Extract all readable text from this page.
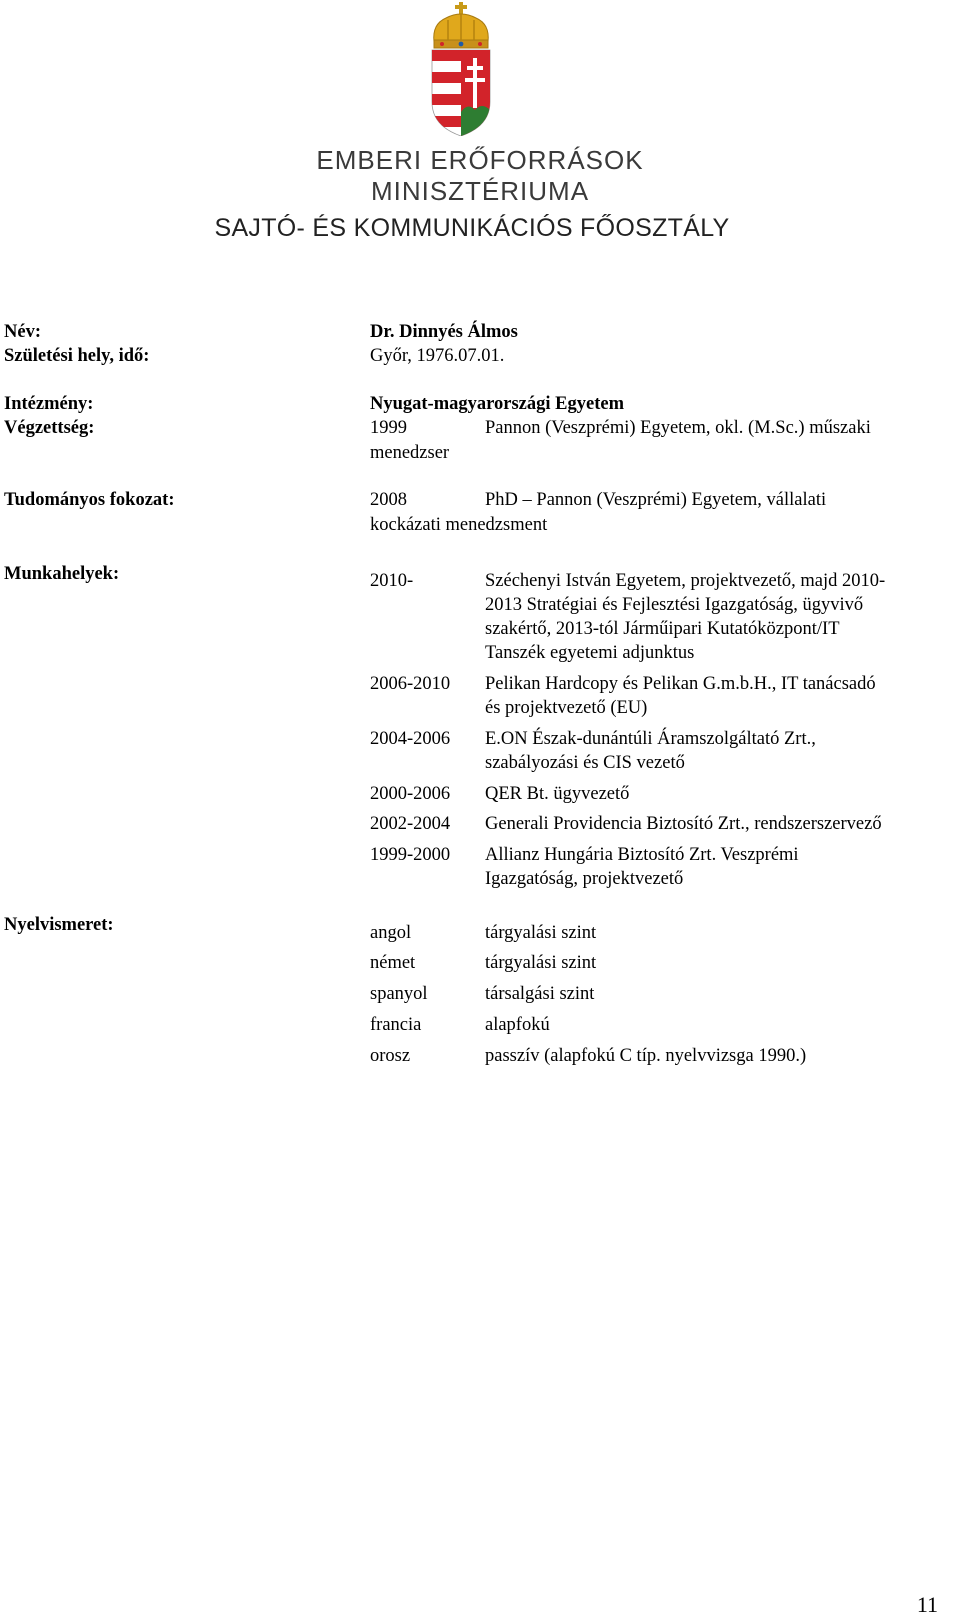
EMBERI ERŐFORRÁSOK
MINISZTÉRIUMA
SAJTÓ- ÉS KOMMUNIKÁCIÓS FŐOSZTÁLY
Név:	Dr. Dinnyés Álmos
Születési hely, idő:	Győr, 1976.07.01.
Intézmény:	Nyugat-magyarországi Egyetem
Végzettség:	1999	Pannon (Veszprémi) Egyetem, okl. (M.Sc.) műszaki
menedzser
Tudományos fokozat:	2008	PhD – Pannon (Veszprémi) Egyetem, vállalati
kockázati menedzsment
Munkahelyek:	2010-	Széchenyi István Egyetem, projektvezető, majd 2010-
2013 Stratégiai és Fejlesztési Igazgatóság, ügyvivő
szakértő, 2013-tól Járműipari Kutatóközpont/IT
Tanszék egyetemi adjunktus
2006-2010 Pelikan Hardcopy és Pelikan G.m.b.H., IT tanácsadó
és projektvezető (EU)
2004-2006 E.ON Észak-dunántúli Áramszolgáltató Zrt.,
szabályozási és CIS vezető
2000-2006 QER Bt. ügyvezető
2002-2004 Generali Providencia Biztosító Zrt., rendszerszervező
1999-2000 Allianz Hungária Biztosító Zrt. Veszprémi
Igazgatóság, projektvezető
Nyelvismeret:	angol	tárgyalási szint
német	tárgyalási szint
spanyol	társalgási szint
francia	alapfokú
orosz	passzív (alapfokú C típ. nyelvvizsga 1990.)
11
